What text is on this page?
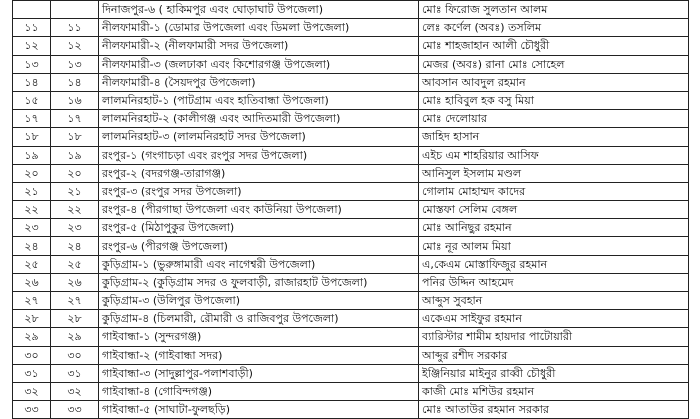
		দিনাজপুর-৬ ( হাকিমপুর এবং ঘোড়াঘাট উপজেলা)	মোঃ ফিরোজ সুলতান আলম
১১	১১	নীলফামারী-১ (ডোমার উপজেলা এবং ডিমলা উপজেলা)	লেঃ কর্ণেল (অবঃ) তসলিম
১২	১২	নীলফামারী-২ (নীলফামারী সদর উপজেলা)	মোঃ শাহজাহান আলী চৌধুরী
১৩	১৩	নীলফামারী-৩ (জলঢাকা এবং কিশোরগঞ্জ উপজেলা)	মেজর (অবঃ) রানা মোঃ সোহেল
১৪	১৪	নীলফামারী-৪ (সৈয়দপুর উপজেলা)	আবসান আবদুল রহমান
১৫	১৬	লালমনিরহাট-১ (পাটগ্রাম এবং হাতিবান্ধা উপজেলা)	মোঃ হাবিবুল হক বসু মিয়া
১৭	১৭	লালমনিরহাট-২ (কালীগঞ্জ এবং আদিতমারী উপজেলা)	মোঃ দেলোয়ার
১৮	১৮	লালমনিরহাট-৩ (লালমনিরহাট সদর উপজেলা)	জাহিদ হাসান
১৯	১৯	রংপুর-১ (গংগাচড়া এবং রংপুর সদর উপজেলা)	এইচ এম শাহরিয়ার আসিফ
২০	২০	রংপুর-২ (বদরগঞ্জ-তারাগঞ্জ)	আনিসুল ইসলাম মণ্ডল
২১	২১	রংপুর-৩ (রংপুর সদর উপজেলা)	গোলাম মোহাম্মদ কাদের
২২	২২	রংপুর-৪ (পীরগাছা উপজেলা এবং কাউনিয়া উপজেলা)	মোস্তফা সেলিম বেঙ্গল
২৩	২৩	রংপুর-৫ (মিঠাপুকুর উপজেলা)	মোঃ আনিছুর রহমান
২৪	২৪	রংপুর-৬ (পীরগঞ্জ উপজেলা)	মোঃ নূর আলম মিয়া
২৫	২৫	কুড়িগ্রাম-১ (ভুরুঙ্গামারী এবং নাগেশ্বরী উপজেলা)	এ,কেএম মোস্তাফিজুর রহমান
২৬	২৬	কুড়িগ্রাম-২ (কুড়িগ্রাম সদর ও ফুলবাড়ী, রাজারহাট উপজেলা)	পনির উদ্দিন আহমেদ
২৭	২৭	কুড়িগ্রাম-৩ (উলিপুর উপজেলা)	আব্দুস সুবহান
২৮	২৮	কুড়িগ্রাম-৪ (চিলমারী, রৌমারী ও রাজিবপুর উপজেলা)	একেএম সাইফুর রহমান
২৯	২৯	গাইবান্ধা-১ (সুন্দরগঞ্জ)	ব্যারিস্টার শামীম হায়দার পাটোয়ারী
৩০	৩০	গাইবান্ধা-২ (গাইবান্ধা সদর)	আব্দুর রশীদ সরকার
৩১	৩১	গাইবান্ধা-৩ (সাদুল্লাপুর-পলাশবাড়ী)	ইঞ্জিনিয়ার মাইনুর রাব্বী চৌধুরী
৩২	৩২	গাইবান্ধা-৪ (গোবিন্দগঞ্জ)	কাজী মোঃ মশিউর রহমান
৩৩	৩৩	গাইবান্ধা-৫ (সাঘাটা-ফুলছড়ি)	মোঃ আতাউর রহমান সরকার
